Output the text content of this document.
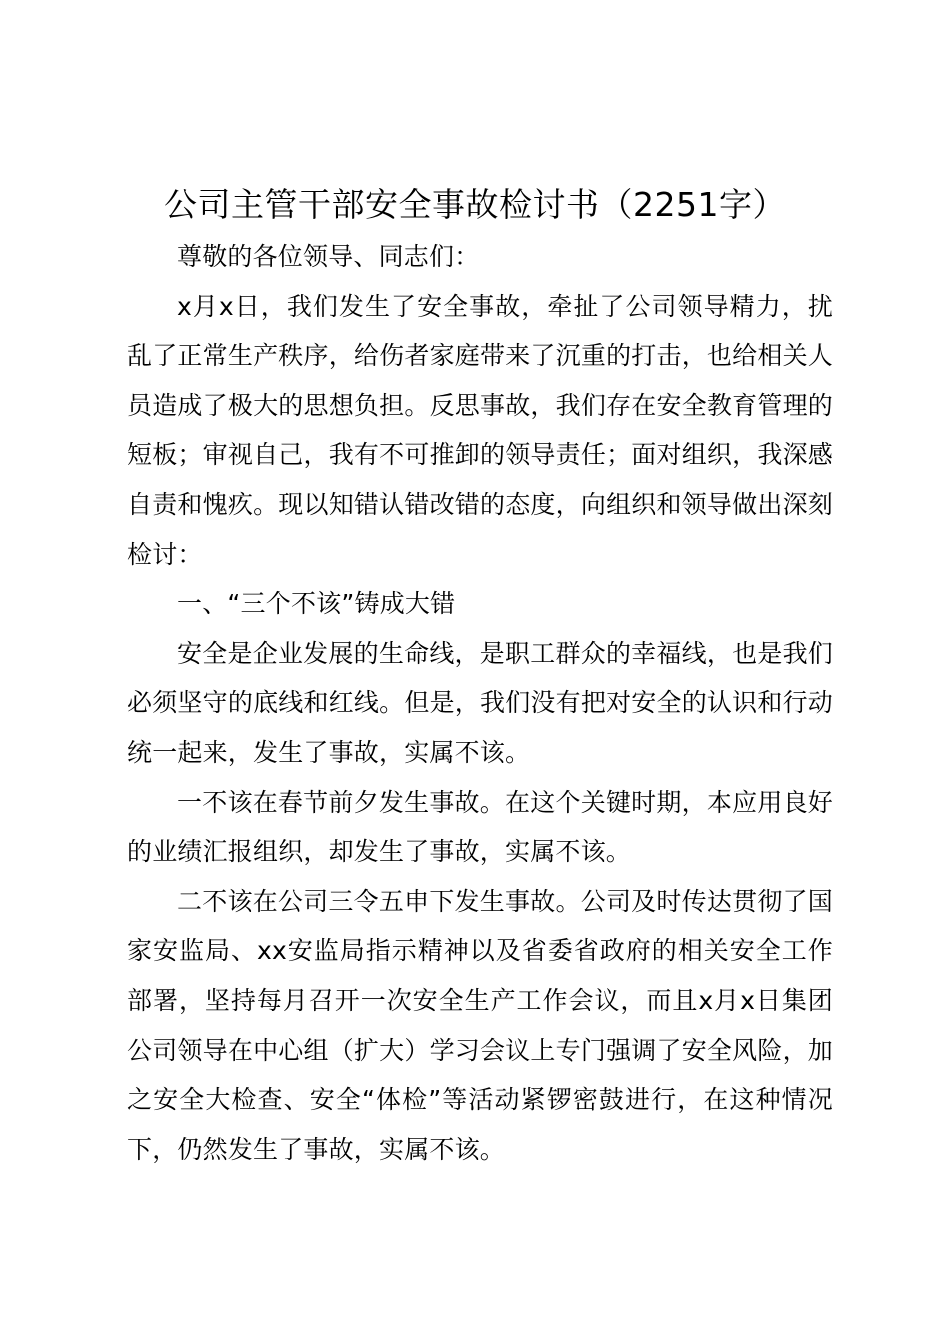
公司主管干部安全事故检讨书（2251字）

尊敬的各位领导、同志们：

x月x日，我们发生了安全事故，牵扯了公司领导精力，扰乱了正常生产秩序，给伤者家庭带来了沉重的打击，也给相关人员造成了极大的思想负担。反思事故，我们存在安全教育管理的短板；审视自己，我有不可推卸的领导责任；面对组织，我深感自责和愧疚。现以知错认错改错的态度，向组织和领导做出深刻检讨：

一、“三个不该”铸成大错

安全是企业发展的生命线，是职工群众的幸福线，也是我们必须坚守的底线和红线。但是，我们没有把对安全的认识和行动统一起来，发生了事故，实属不该。

一不该在春节前夕发生事故。在这个关键时期，本应用良好的业绩汇报组织，却发生了事故，实属不该。

二不该在公司三令五申下发生事故。公司及时传达贯彻了国家安监局、xx安监局指示精神以及省委省政府的相关安全工作部署，坚持每月召开一次安全生产工作会议，而且x月x日集团公司领导在中心组（扩大）学习会议上专门强调了安全风险，加之安全大检查、安全“体检”等活动紧锣密鼓进行，在这种情况下，仍然发生了事故，实属不该。
